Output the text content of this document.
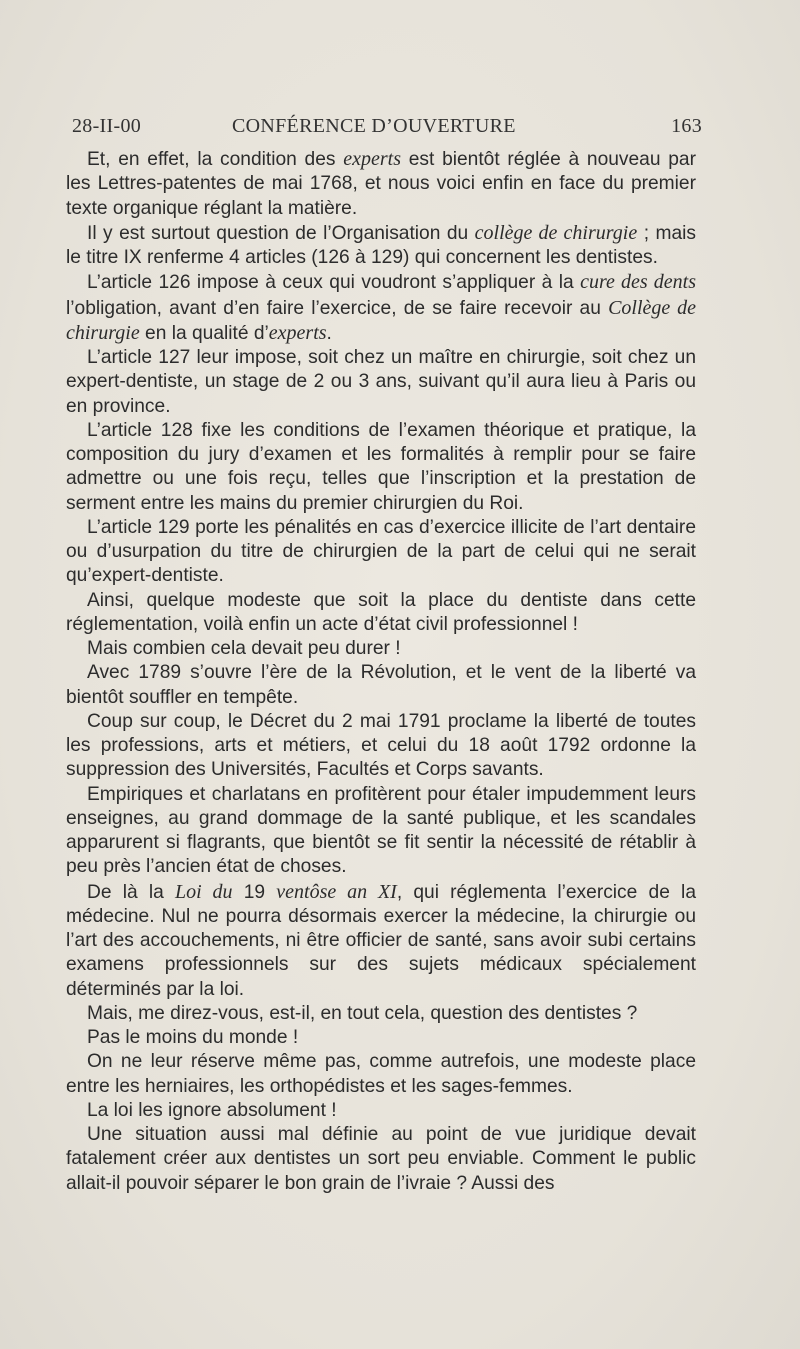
28-II-00	CONFÉRENCE D’OUVERTURE	163

Et, en effet, la condition des experts est bientôt réglée à nouveau par les Lettres-patentes de mai 1768, et nous voici enfin en face du premier texte organique réglant la matière.

Il y est surtout question de l’Organisation du collège de chirurgie ; mais le titre IX renferme 4 articles (126 à 129) qui concernent les dentistes.

L’article 126 impose à ceux qui voudront s’appliquer à la cure des dents l’obligation, avant d’en faire l’exercice, de se faire recevoir au Collège de chirurgie en la qualité d’experts.

L’article 127 leur impose, soit chez un maître en chirurgie, soit chez un expert-dentiste, un stage de 2 ou 3 ans, suivant qu’il aura lieu à Paris ou en province.

L’article 128 fixe les conditions de l’examen théorique et pratique, la composition du jury d’examen et les formalités à remplir pour se faire admettre ou une fois reçu, telles que l’inscription et la prestation de serment entre les mains du premier chirurgien du Roi.

L’article 129 porte les pénalités en cas d’exercice illicite de l’art dentaire ou d’usurpation du titre de chirurgien de la part de celui qui ne serait qu’expert-dentiste.

Ainsi, quelque modeste que soit la place du dentiste dans cette réglementation, voilà enfin un acte d’état civil professionnel !

Mais combien cela devait peu durer !

Avec 1789 s’ouvre l’ère de la Révolution, et le vent de la liberté va bientôt souffler en tempête.

Coup sur coup, le Décret du 2 mai 1791 proclame la liberté de toutes les professions, arts et métiers, et celui du 18 août 1792 ordonne la suppression des Universités, Facultés et Corps savants.

Empiriques et charlatans en profitèrent pour étaler impudemment leurs enseignes, au grand dommage de la santé publique, et les scandales apparurent si flagrants, que bientôt se fit sentir la nécessité de rétablir à peu près l’ancien état de choses.

De là la Loi du 19 ventôse an XI, qui réglementa l’exercice de la médecine. Nul ne pourra désormais exercer la médecine, la chirurgie ou l’art des accouchements, ni être officier de santé, sans avoir subi certains examens professionnels sur des sujets médicaux spécialement déterminés par la loi.

Mais, me direz-vous, est-il, en tout cela, question des dentistes ?

Pas le moins du monde !

On ne leur réserve même pas, comme autrefois, une modeste place entre les herniaires, les orthopédistes et les sages-femmes.

La loi les ignore absolument !

Une situation aussi mal définie au point de vue juridique devait fatalement créer aux dentistes un sort peu enviable. Comment le public allait-il pouvoir séparer le bon grain de l’ivraie ? Aussi des
